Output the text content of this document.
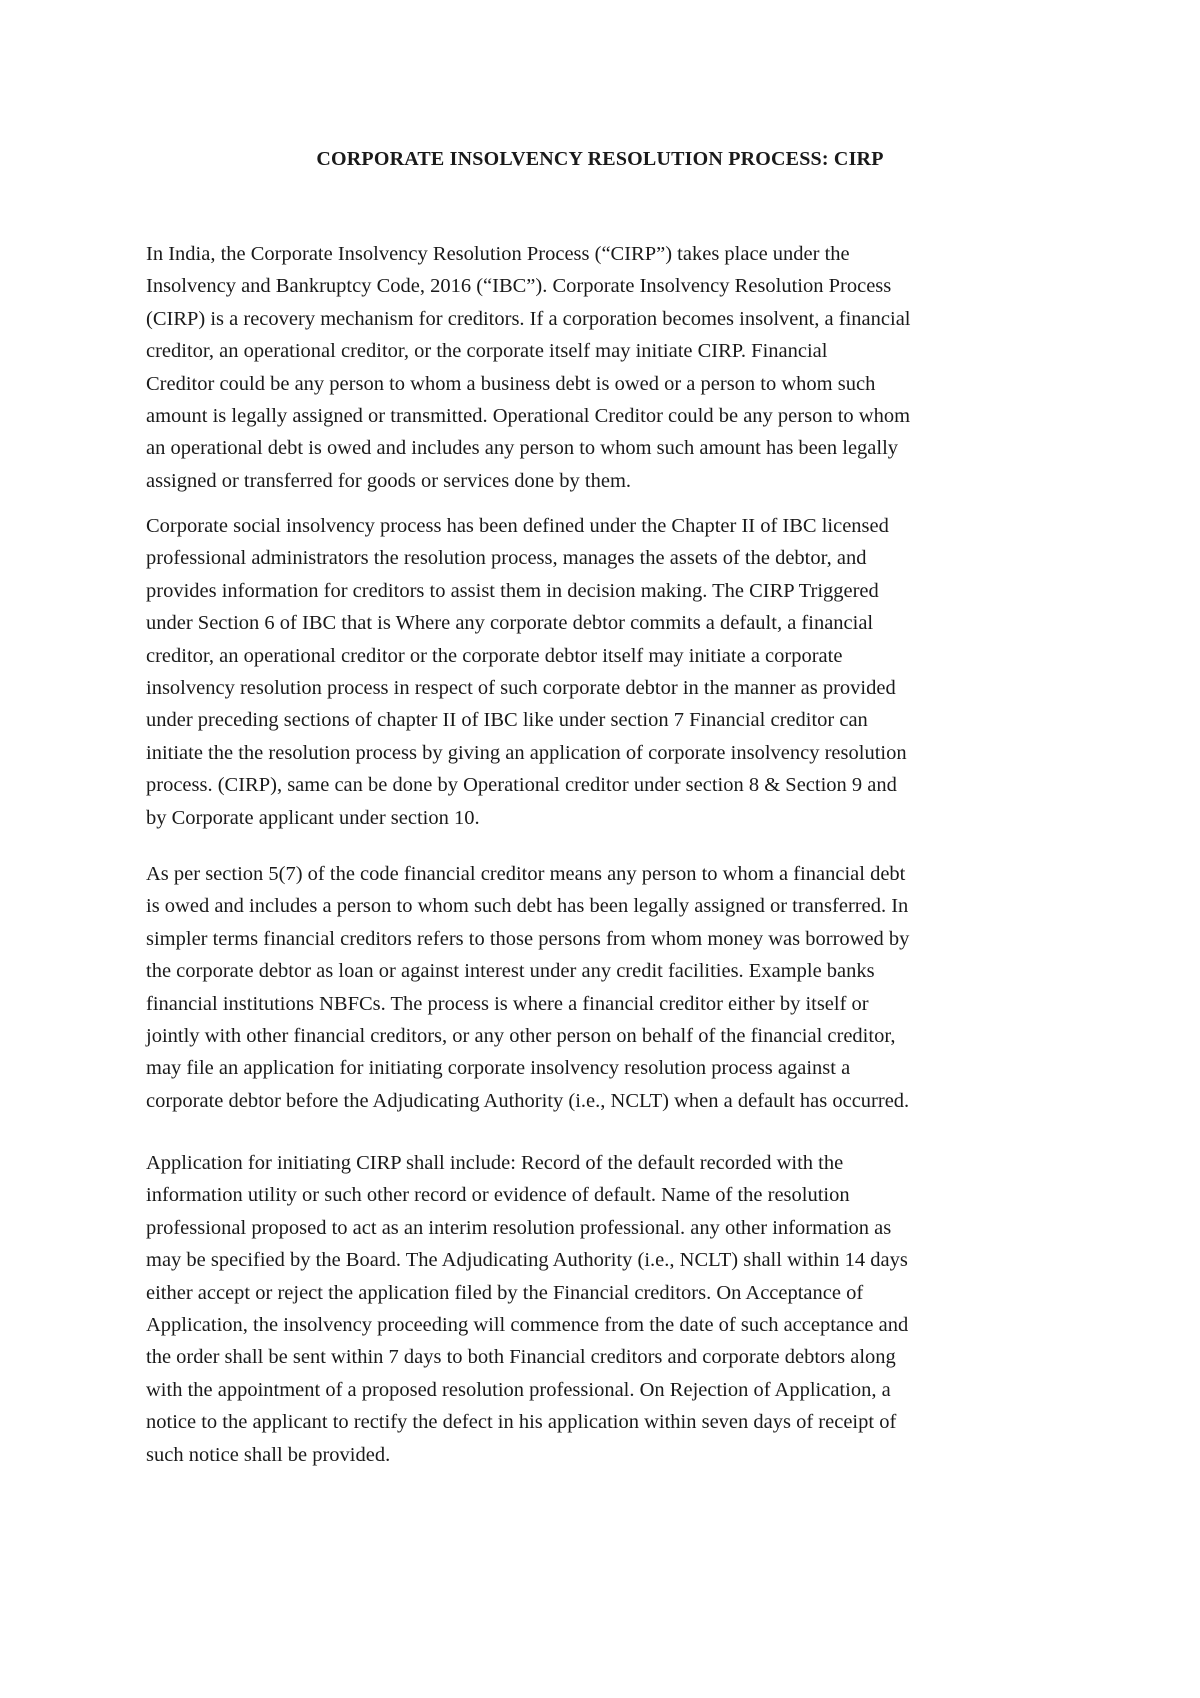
CORPORATE INSOLVENCY RESOLUTION PROCESS: CIRP

In India, the Corporate Insolvency Resolution Process (“CIRP”) takes place under the
Insolvency and Bankruptcy Code, 2016 (“IBC”). Corporate Insolvency Resolution Process
(CIRP) is a recovery mechanism for creditors. If a corporation becomes insolvent, a financial
creditor, an operational creditor, or the corporate itself may initiate CIRP. Financial
Creditor could be any person to whom a business debt is owed or a person to whom such
amount is legally assigned or transmitted. Operational Creditor could be any person to whom
an operational debt is owed and includes any person to whom such amount has been legally
assigned or transferred for goods or services done by them.

Corporate social insolvency process has been defined under the Chapter II of IBC licensed
professional administrators the resolution process, manages the assets of the debtor, and
provides information for creditors to assist them in decision making. The CIRP Triggered
under Section 6 of IBC that is Where any corporate debtor commits a default, a financial
creditor, an operational creditor or the corporate debtor itself may initiate a corporate
insolvency resolution process in respect of such corporate debtor in the manner as provided
under preceding sections of chapter II of IBC like under section 7 Financial creditor can
initiate the the resolution process by giving an application of corporate insolvency resolution
process. (CIRP), same can be done by Operational creditor under section 8 & Section 9 and
by Corporate applicant under section 10.

As per section 5(7) of the code financial creditor means any person to whom a financial debt
is owed and includes a person to whom such debt has been legally assigned or transferred. In
simpler terms financial creditors refers to those persons from whom money was borrowed by
the corporate debtor as loan or against interest under any credit facilities. Example banks
financial institutions NBFCs. The process is where a financial creditor either by itself or
jointly with other financial creditors, or any other person on behalf of the financial creditor,
may file an application for initiating corporate insolvency resolution process against a
corporate debtor before the Adjudicating Authority (i.e., NCLT) when a default has occurred.

Application for initiating CIRP shall include: Record of the default recorded with the
information utility or such other record or evidence of default. Name of the resolution
professional proposed to act as an interim resolution professional. any other information as
may be specified by the Board. The Adjudicating Authority (i.e., NCLT) shall within 14 days
either accept or reject the application filed by the Financial creditors. On Acceptance of
Application, the insolvency proceeding will commence from the date of such acceptance and
the order shall be sent within 7 days to both Financial creditors and corporate debtors along
with the appointment of a proposed resolution professional. On Rejection of Application, a
notice to the applicant to rectify the defect in his application within seven days of receipt of
such notice shall be provided.
